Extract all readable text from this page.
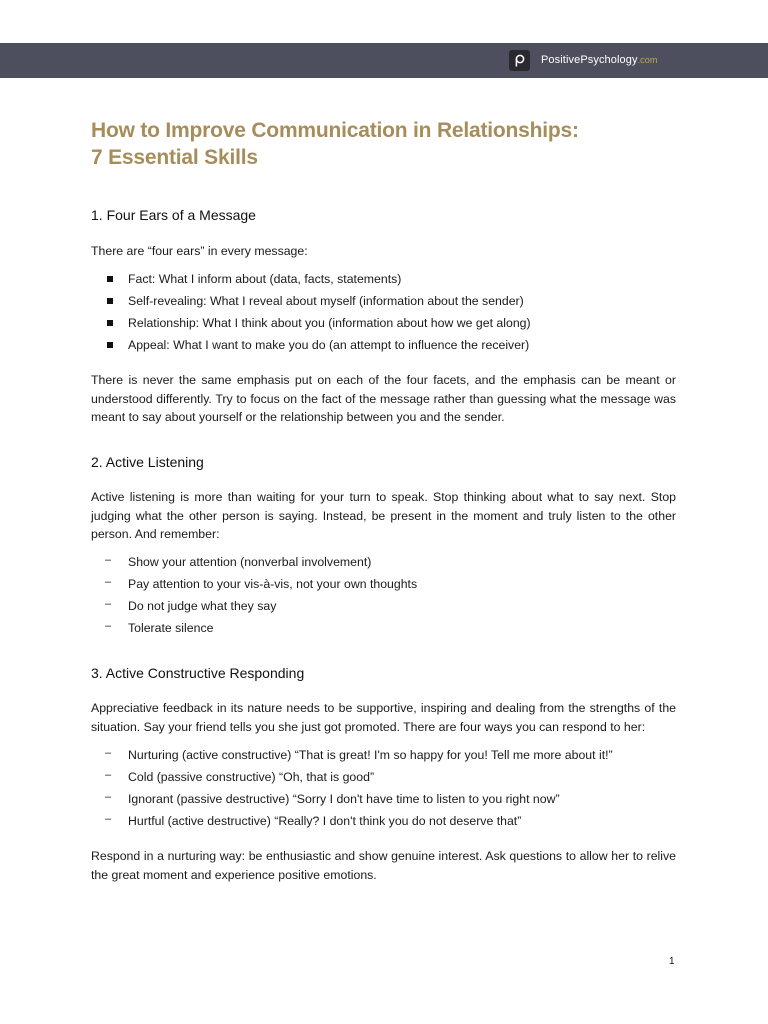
PositivePsychology.com
How to Improve Communication in Relationships:
7 Essential Skills
1. Four Ears of a Message

There are “four ears” in every message:

Fact: What I inform about (data, facts, statements)
Self-revealing: What I reveal about myself (information about the sender)
Relationship: What I think about you (information about how we get along)
Appeal: What I want to make you do (an attempt to influence the receiver)

There is never the same emphasis put on each of the four facets, and the emphasis can be meant or understood differently. Try to focus on the fact of the message rather than guessing what the message was meant to say about yourself or the relationship between you and the sender.

2. Active Listening

Active listening is more than waiting for your turn to speak. Stop thinking about what to say next. Stop judging what the other person is saying. Instead, be present in the moment and truly listen to the other person. And remember:

– Show your attention (nonverbal involvement)
– Pay attention to your vis-à-vis, not your own thoughts
– Do not judge what they say
– Tolerate silence
3. Active Constructive Responding

Appreciative feedback in its nature needs to be supportive, inspiring and dealing from the strengths of the situation. Say your friend tells you she just got promoted. There are four ways you can respond to her:

– Nurturing (active constructive) “That is great! I'm so happy for you! Tell me more about it!”
– Cold (passive constructive) “Oh, that is good”
– Ignorant (passive destructive) “Sorry I don't have time to listen to you right now”
– Hurtful (active destructive) “Really? I don't think you do not deserve that”

Respond in a nurturing way: be enthusiastic and show genuine interest. Ask questions to allow her to relive the great moment and experience positive emotions.

1
